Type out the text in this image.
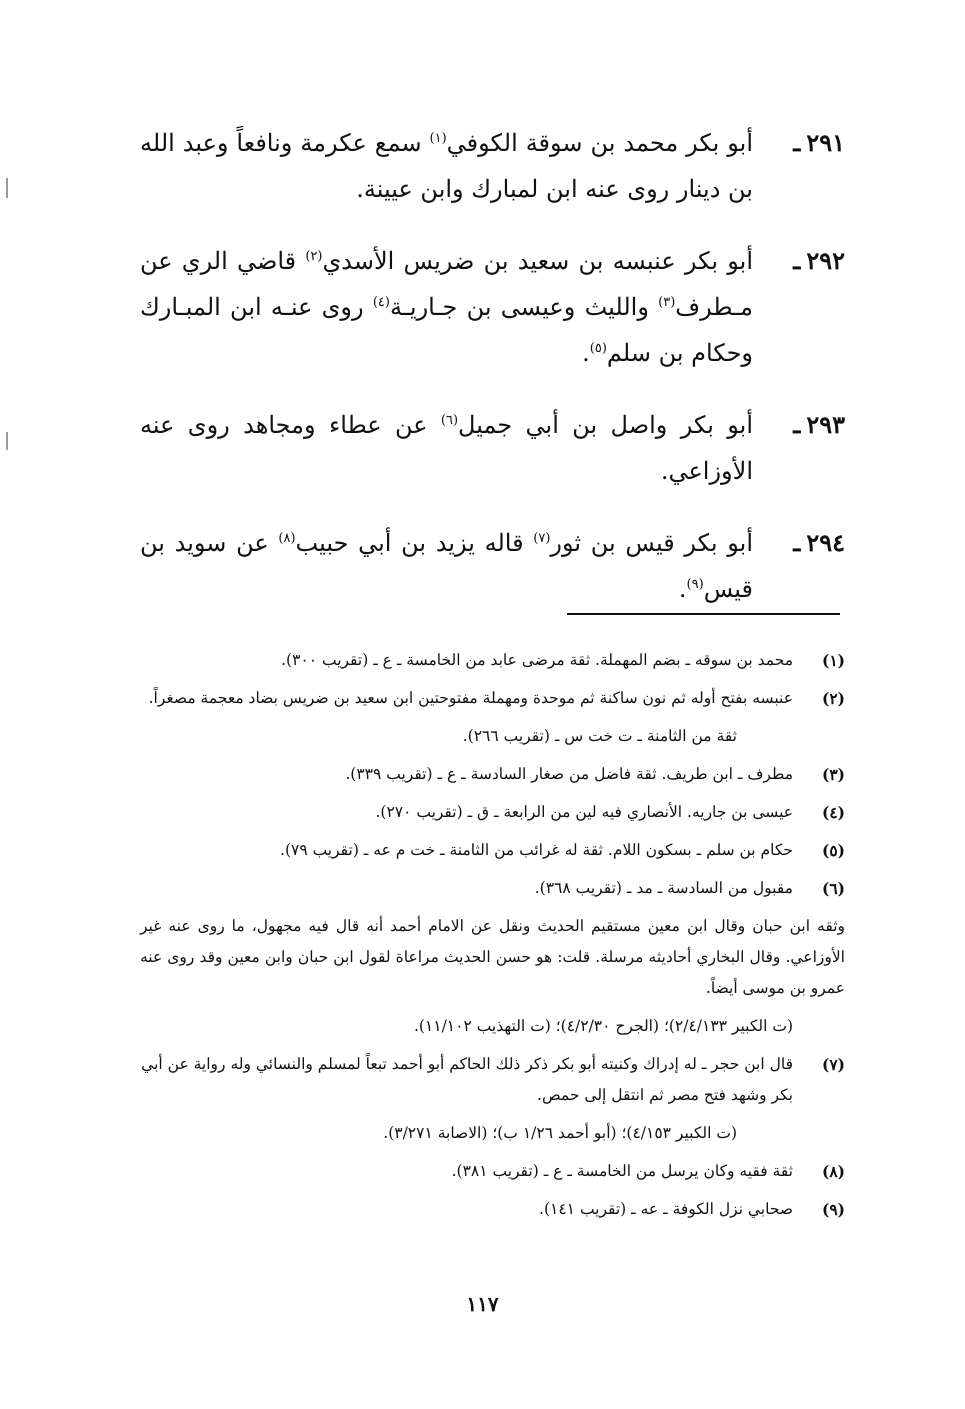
٢٩١ـ
أبو بكر محمد بن سوقة الكوفي$^{(١)}$ سمع عكرمة ونافعاً وعبد الله بن دينار روى عنه ابن لمبارك وابن عيينة.
٢٩٢ـ
أبو بكر عنبسه بن سعيد بن ضريس الأسدي$^{(٢)}$ قاضي الري عن مـطرف$^{(٣)}$ والليث وعيسى بن جـاريـة$^{(٤)}$ روى عنـه ابن المبـارك وحكام بن سلم$^{(٥)}$.
٢٩٣ـ
أبو بكر واصل بن أبي جميل$^{(٦)}$ عن عطاء ومجاهد روى عنه الأوزاعي.
٢٩٤ـ
أبو بكر قيس بن ثور$^{(٧)}$ قاله يزيد بن أبي حبيب$^{(٨)}$ عن سويد بن قيس$^{(٩)}$.
(١)
محمد بن سوقه ـ بضم المهملة. ثقة مرضى عابد من الخامسة ـ ع ـ (تقريب ٣٠٠).
(٢)
عنبسه بفتح أوله ثم نون ساكنة ثم موحدة ومهملة مفتوحتين ابن سعيد بن ضريس بضاد معجمة مصغراً.
ثقة من الثامنة ـ ت خت س ـ (تقريب ٢٦٦).
(٣)
مطرف ـ ابن طريف. ثقة فاضل من صغار السادسة ـ ع ـ (تقريب ٣٣٩).
(٤)
عيسى بن جاريه. الأنصاري فيه لين من الرابعة ـ ق ـ (تقريب ٢٧٠).
(٥)
حكام بن سلم ـ بسكون اللام. ثقة له غرائب من الثامنة ـ خت م عه ـ (تقريب ٧٩).
(٦)
مقبول من السادسة ـ مد ـ (تقريب ٣٦٨).
وثقه ابن حبان وقال ابن معين مستقيم الحديث ونقل عن الامام أحمد أنه قال فيه مجهول، ما روى عنه غير الأوزاعي. وقال البخاري أحاديثه مرسلة. قلت: هو حسن الحديث مراعاة لقول ابن حبان وابن معين وقد روى عنه عمرو بن موسى أيضاً.
(ت الكبير ٢/٤/١٣٣)؛ (الجرح ٤/٢/٣٠)؛ (ت التهذيب ١١/١٠٢).
(٧)
قال ابن حجر ـ له إدراك وكنيته أبو بكر ذكر ذلك الحاكم أبو أحمد تبعاً لمسلم والنسائي وله رواية عن أبي بكر وشهد فتح مصر ثم انتقل إلى حمص.
(ت الكبير ٤/١٥٣)؛ (أبو أحمد ١/٢٦ ب)؛ (الاصابة ٣/٢٧١).
(٨)
ثقة فقيه وكان يرسل من الخامسة ـ ع ـ (تقريب ٣٨١).
(٩)
صحابي نزل الكوفة ـ عه ـ (تقريب ١٤١).
١١٧
